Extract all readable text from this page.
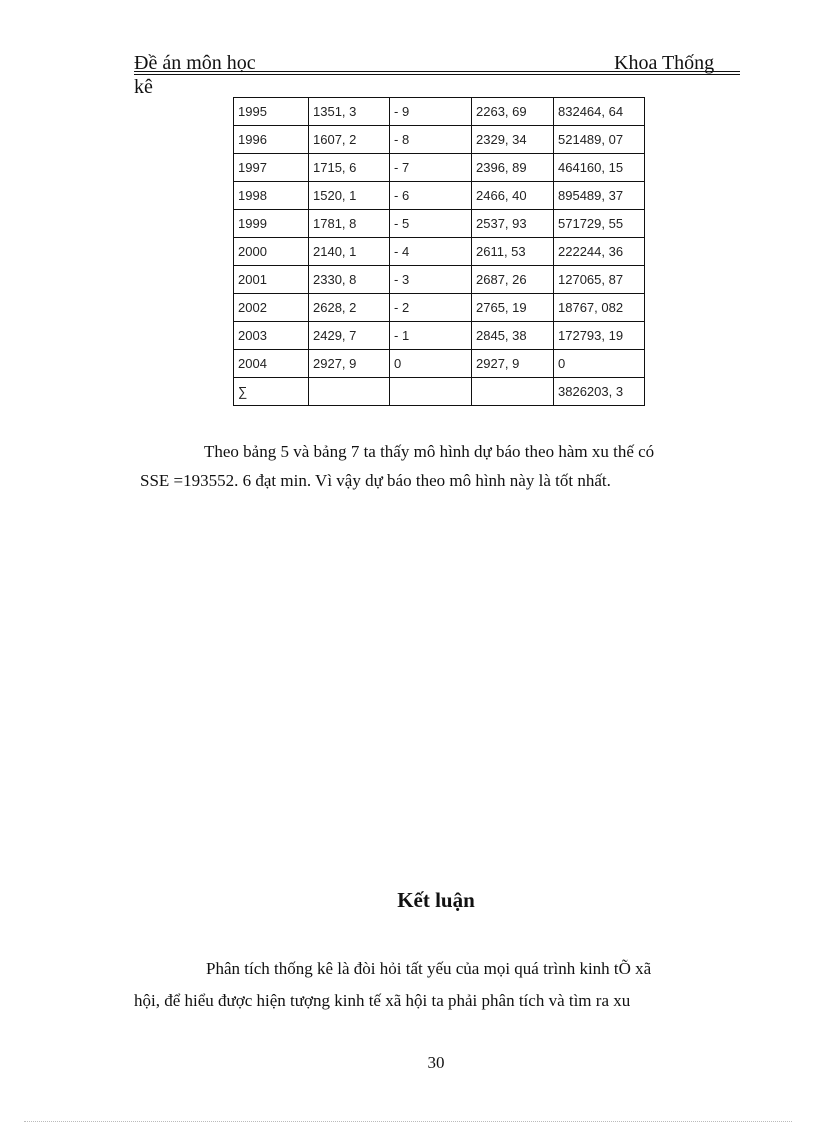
Đề án môn học	Khoa Thống
kê
1995	1351, 3	- 9	2263, 69	832464, 64
1996	1607, 2	- 8	2329, 34	521489, 07
1997	1715, 6	- 7	2396, 89	464160, 15
1998	1520, 1	- 6	2466, 40	895489, 37
1999	1781, 8	- 5	2537, 93	571729, 55
2000	2140, 1	- 4	2611, 53	222244, 36
2001	2330, 8	- 3	2687, 26	127065, 87
2002	2628, 2	- 2	2765, 19	18767, 082
2003	2429, 7	- 1	2845, 38	172793, 19
2004	2927, 9	0	2927, 9	0
∑				3826203, 3
Theo bảng 5 và bảng 7 ta thấy mô hình dự báo theo hàm xu thế có
SSE =193552. 6 đạt min. Vì vậy dự báo theo mô hình này là tốt nhất.
Kết luận
Phân tích thống kê là đòi hỏi tất yếu của mọi quá trình kinh tÕ xã
hội, để hiểu được hiện tượng kinh tế xã hội ta phải phân tích và tìm ra xu
30
